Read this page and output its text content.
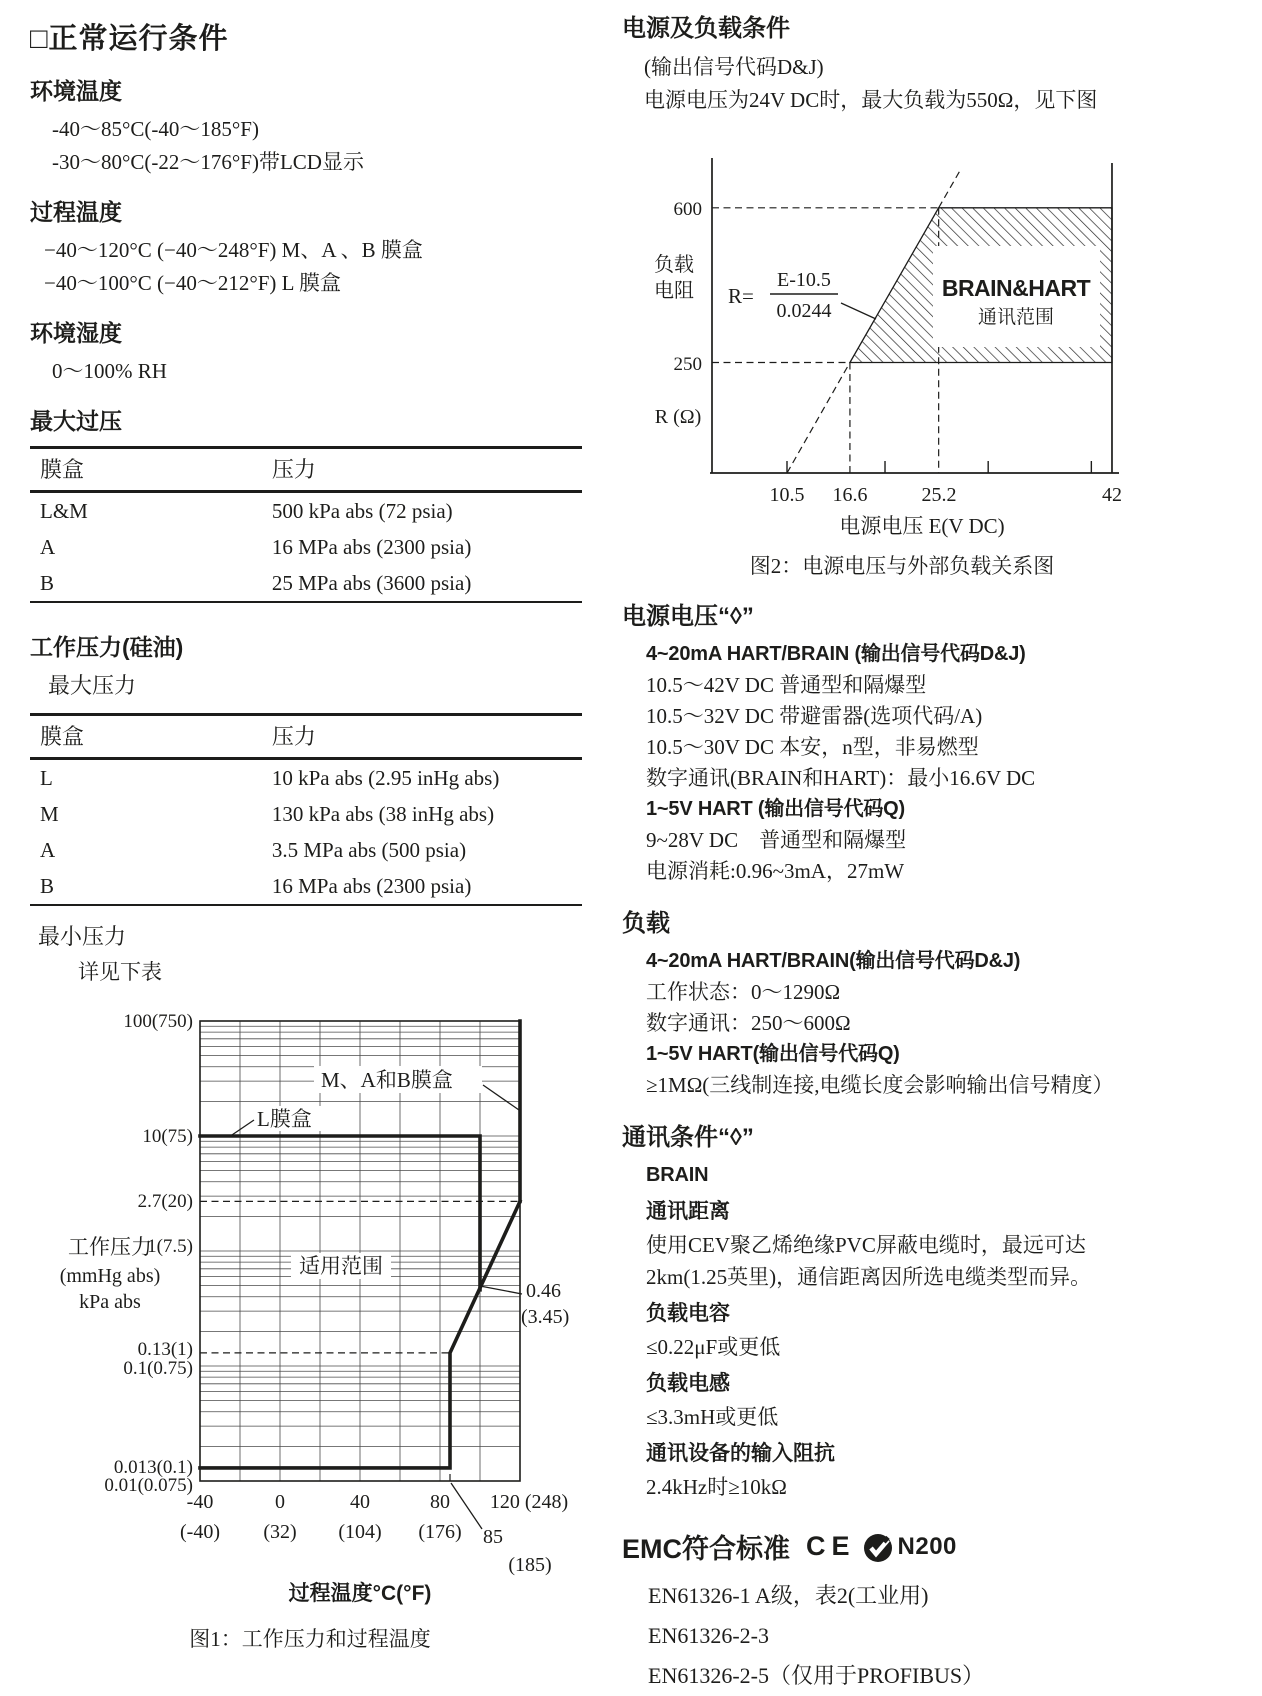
□正常运行条件
环境温度
-40～85°C(-40～185°F)
-30～80°C(-22～176°F)带LCD显示
过程温度
−40～120°C (−40～248°F) M、A 、B 膜盒
−40～100°C (−40～212°F) L 膜盒
环境湿度
0～100% RH
最大过压
膜盒	压力
L&M	500 kPa abs (72 psia)
A	16 MPa abs (2300 psia)
B	25 MPa abs (3600 psia)
工作压力(硅油)
最大压力
膜盒	压力
L	10 kPa abs (2.95 inHg abs)
M	130 kPa abs (38 inHg abs)
A	3.5 MPa abs (500 psia)
B	16 MPa abs (2300 psia)
最小压力
详见下表
100(750)
10(75)
2.7(20)
1(7.5)
0.13(1)
0.1(0.75)
0.013(0.1)
0.01(0.075)
工作压力
(mmHg abs)
kPa abs
L膜盒
M、A和B膜盒
适用范围
0.46
(3.45)
-40	0	40	80 120 (248)
(-40) (32) (104) (176) 85
(185)
过程温度°C(°F)
图1：工作压力和过程温度
电源及负载条件
(输出信号代码D&J)
电源电压为24V DC时，最大负载为550Ω，见下图
600
250
负载
电阻
R (Ω)
R=
E-10.5
0.0244
BRAIN&HART
通讯范围
10.5 16.6	25.2	42
电源电压 E(V DC)
图2：电源电压与外部负载关系图
电源电压“◊”
4~20mA HART/BRAIN (输出信号代码D&J)
10.5～42V DC 普通型和隔爆型
10.5～32V DC 带避雷器(选项代码/A)
10.5～30V DC 本安，n型，非易燃型
数字通讯(BRAIN和HART)：最小16.6V DC
1~5V HART (输出信号代码Q)
9~28V DC　普通型和隔爆型
电源消耗:0.96~3mA，27mW
负载
4~20mA HART/BRAIN(输出信号代码D&J)
工作状态：0～1290Ω
数字通讯：250～600Ω
1~5V HART(输出信号代码Q)
≥1MΩ(三线制连接,电缆长度会影响输出信号精度）
通讯条件“◊”
BRAIN
通讯距离
使用CEV聚乙烯绝缘PVC屏蔽电缆时，最远可达
2km(1.25英里)，通信距离因所选电缆类型而异。
负载电容
≤0.22μF或更低
负载电感
≤3.3mH或更低
通讯设备的输入阻抗
2.4kHz时≥10kΩ
EMC符合标准 CE N200
EN61326-1 A级，表2(工业用)
EN61326-2-3
EN61326-2-5（仅用于PROFIBUS）
